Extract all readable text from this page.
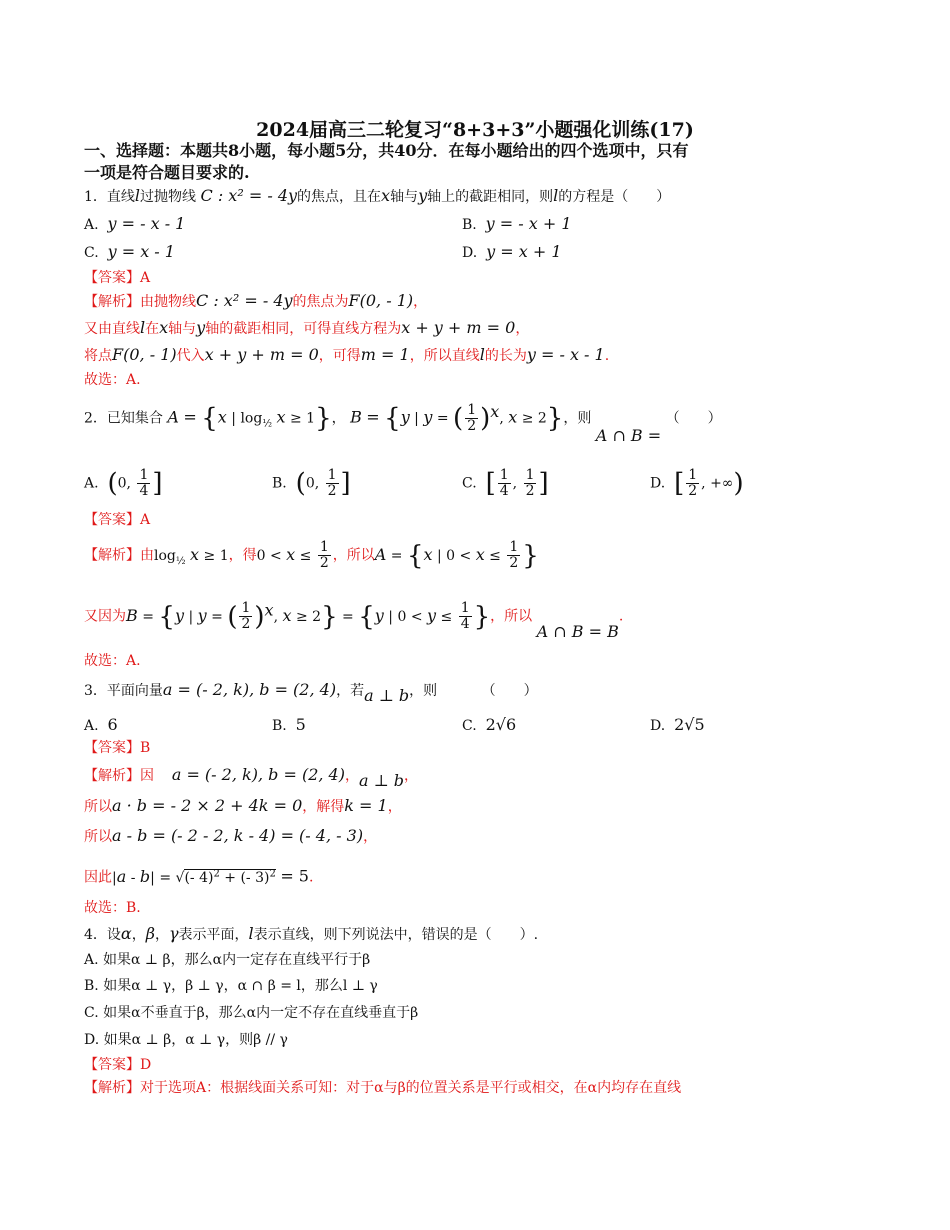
2024届高三二轮复习“8+3+3”小题强化训练(17)
一、选择题：本题共8小题，每小题5分，共40分．在每小题给出的四个选项中，只有
一项是符合题目要求的.
1．直线l过抛物线 C : x² = - 4y的焦点，且在x轴与y轴上的截距相同，则l的方程是（　　）
A. y = - x - 1	B. y = - x + 1
C. y = x - 1	D. y = x + 1
【答案】A
【解析】由抛物线C : x² = - 4y的焦点为F(0, - 1)，
又由直线l在x轴与y轴的截距相同，可得直线方程为x + y + m = 0，
将点F(0, - 1)代入x + y + m = 0，可得m = 1，所以直线l的长为y = - x - 1.
故选：A.
2．已知集合 A = {x | $\log_{\frac{1}{2}} x \ge 1$}， B = {y | y = ( $\frac{1}{2} )^x$, x ≥ 2}，则 A ∩ B = （　　）
A. (0, $\frac{1}{4}$ ]	B. (0, $\frac{1}{2}$ ]	C. [ $\frac{1}{4}$ , $\frac{1}{2}$ ]	D. [ $\frac{1}{2}$ , +∞)
【答案】A
【解析】由$\log_{\frac{1}{2}} x \ge 1$，得$0 < x \le \frac{1}{2}$ ，所以A = {x | $0 < x \le \frac{1}{2}$ }
又因为B = {y | y = ( $\frac{1}{2} )^x$, x ≥ 2} = {y | $0 < y \le \frac{1}{4}$ }，所以 A ∩ B = B.
故选：A.
3．平面向量a = (- 2, k), b = (2, 4)，若a ⊥ b，则	（　　）
A. 6	B. 5	C. 2√6	D. 2√5
【答案】B
【解析】因 a = (- 2, k), b = (2, 4)，a ⊥ b，
所以a · b = - 2 × 2 + 4k = 0，解得k = 1，
所以a - b = (- 2 - 2, k - 4) = (- 4, - 3)，
因此|a - b| = √(- 4)$^2$ + (- 3)$^2$ = 5.
故选：B.
4．设α，β，γ表示平面，l表示直线，则下列说法中，错误的是（　　）.
A. 如果α ⊥ β，那么α内一定存在直线平行于β
B. 如果α ⊥ γ，β ⊥ γ，α ∩ β = l，那么l ⊥ γ
C. 如果α不垂直于β，那么α内一定不存在直线垂直于β
D. 如果α ⊥ β，α ⊥ γ，则β // γ
【答案】D
【解析】对于选项A：根据线面关系可知：对于α与β的位置关系是平行或相交，在α内均存在直线
